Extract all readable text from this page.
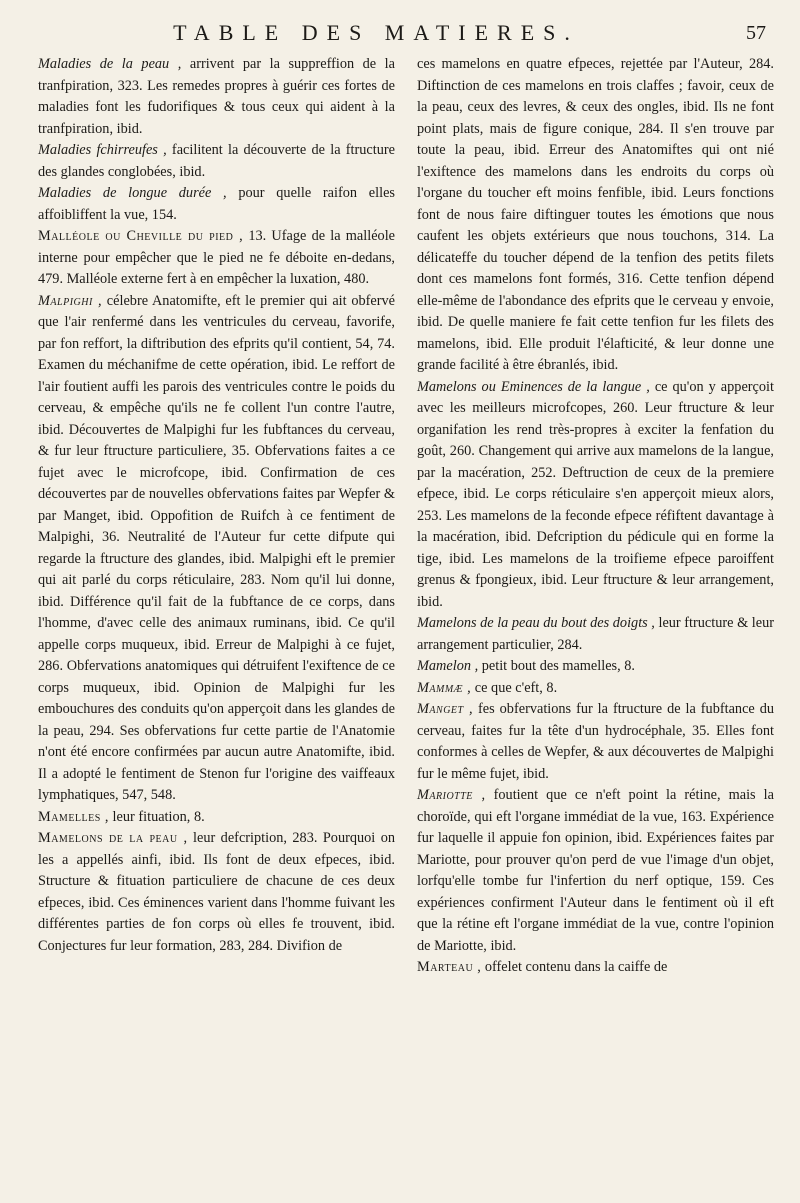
TABLE DES MATIERES.	57

Maladies de la peau , arrivent par la suppreffion de la tranfpiration, 323. Les remedes propres à guérir ces fortes de maladies font les fudorifiques & tous ceux qui aident à la tranfpiration, ibid.

Maladies fchirreufes , facilitent la découverte de la ftructure des glandes conglobées, ibid.

Maladies de longue durée , pour quelle raifon elles affoibliffent la vue, 154.

Malléole ou Cheville du pied , 13. Ufage de la malléole interne pour empêcher que le pied ne fe déboite en-dedans, 479. Malléole externe fert à en empêcher la luxation, 480.

Malpighi , célebre Anatomifte, eft le premier qui ait obfervé que l'air renfermé dans les ventricules du cerveau, favorife, par fon reffort, la diftribution des efprits qu'il contient, 54, 74. Examen du méchanifme de cette opération, ibid. Le reffort de l'air foutient auffi les parois des ventricules contre le poids du cerveau, & empêche qu'ils ne fe collent l'un contre l'autre, ibid. Découvertes de Malpighi fur les fubftances du cerveau, & fur leur ftructure particuliere, 35. Obfervations faites a ce fujet avec le microfcope, ibid. Confirmation de ces découvertes par de nouvelles obfervations faites par Wepfer & par Manget, ibid. Oppofition de Ruifch à ce fentiment de Malpighi, 36. Neutralité de l'Auteur fur cette difpute qui regarde la ftructure des glandes, ibid. Malpighi eft le premier qui ait parlé du corps réticulaire, 283. Nom qu'il lui donne, ibid. Différence qu'il fait de la fubftance de ce corps, dans l'homme, d'avec celle des animaux ruminans, ibid. Ce qu'il appelle corps muqueux, ibid. Erreur de Malpighi à ce fujet, 286. Obfervations anatomiques qui détruifent l'exiftence de ce corps muqueux, ibid. Opinion de Malpighi fur les embouchures des conduits qu'on apperçoit dans les glandes de la peau, 294. Ses obfervations fur cette partie de l'Anatomie n'ont été encore confirmées par aucun autre Anatomifte, ibid. Il a adopté le fentiment de Stenon fur l'origine des vaiffeaux lymphatiques, 547, 548.

Mamelles , leur fituation, 8.

Mamelons de la peau , leur defcription, 283. Pourquoi on les a appellés ainfi, ibid. Ils font de deux efpeces, ibid. Structure & fituation particuliere de chacune de ces deux efpeces, ibid. Ces éminences varient dans l'homme fuivant les différentes parties de fon corps où elles fe trouvent, ibid. Conjectures fur leur formation, 283, 284. Divifion de

ces mamelons en quatre efpeces, rejettée par l'Auteur, 284. Diftinction de ces mamelons en trois claffes ; favoir, ceux de la peau, ceux des levres, & ceux des ongles, ibid. Ils ne font point plats, mais de figure conique, 284. Il s'en trouve par toute la peau, ibid. Erreur des Anatomiftes qui ont nié l'exiftence des mamelons dans les endroits du corps où l'organe du toucher eft moins fenfible, ibid. Leurs fonctions font de nous faire diftinguer toutes les émotions que nous caufent les objets extérieurs que nous touchons, 314. La délicateffe du toucher dépend de la tenfion des petits filets dont ces mamelons font formés, 316. Cette tenfion dépend elle-même de l'abondance des efprits que le cerveau y envoie, ibid. De quelle maniere fe fait cette tenfion fur les filets des mamelons, ibid. Elle produit l'élafticité, & leur donne une grande facilité à être ébranlés, ibid.

Mamelons ou Eminences de la langue , ce qu'on y apperçoit avec les meilleurs microfcopes, 260. Leur ftructure & leur organifation les rend très-propres à exciter la fenfation du goût, 260. Changement qui arrive aux mamelons de la langue, par la macération, 252. Deftruction de ceux de la premiere efpece, ibid. Le corps réticulaire s'en apperçoit mieux alors, 253. Les mamelons de la feconde efpece réfiftent davantage à la macération, ibid. Defcription du pédicule qui en forme la tige, ibid. Les mamelons de la troifieme efpece paroiffent grenus & fpongieux, ibid. Leur ftructure & leur arrangement, ibid.

Mamelons de la peau du bout des doigts , leur ftructure & leur arrangement particulier, 284.

Mamelon , petit bout des mamelles, 8.

Mammæ , ce que c'eft, 8.

Manget , fes obfervations fur la ftructure de la fubftance du cerveau, faites fur la tête d'un hydrocéphale, 35. Elles font conformes à celles de Wepfer, & aux découvertes de Malpighi fur le même fujet, ibid.

Mariotte , foutient que ce n'eft point la rétine, mais la choroïde, qui eft l'organe immédiat de la vue, 163. Expérience fur laquelle il appuie fon opinion, ibid. Expériences faites par Mariotte, pour prouver qu'on perd de vue l'image d'un objet, lorfqu'elle tombe fur l'infertion du nerf optique, 159. Ces expériences confirment l'Auteur dans le fentiment où il eft que la rétine eft l'organe immédiat de la vue, contre l'opinion de Mariotte, ibid.

Marteau , offelet contenu dans la caiffe de
